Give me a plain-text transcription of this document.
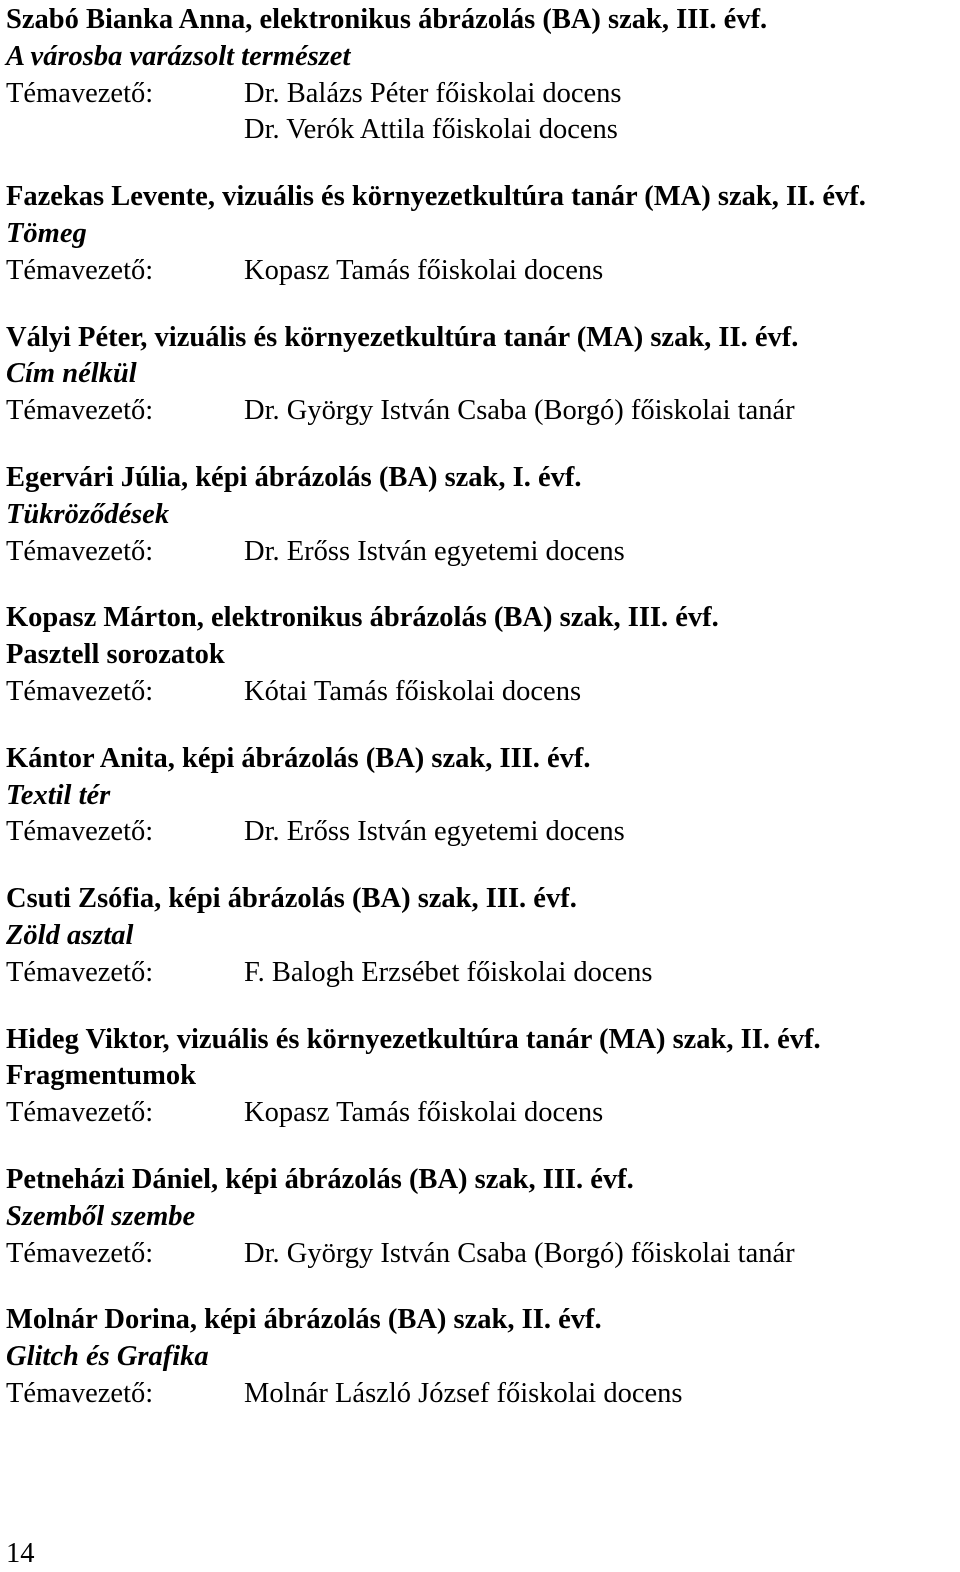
Szabó Bianka Anna, elektronikus ábrázolás (BA) szak, III. évf.
A városba varázsolt természet
Témavezető:	Dr. Balázs Péter főiskolai docens
Dr. Verók Attila főiskolai docens
Fazekas Levente, vizuális és környezetkultúra tanár (MA) szak, II. évf.
Tömeg
Témavezető:	Kopasz Tamás főiskolai docens
Vályi Péter, vizuális és környezetkultúra tanár (MA) szak, II. évf.
Cím nélkül
Témavezető:	Dr. György István Csaba (Borgó) főiskolai tanár
Egervári Júlia, képi ábrázolás (BA) szak, I. évf.
Tükröződések
Témavezető:	Dr. Erőss István egyetemi docens
Kopasz Márton, elektronikus ábrázolás (BA) szak, III. évf.
Pasztell sorozatok
Témavezető:	Kótai Tamás főiskolai docens
Kántor Anita, képi ábrázolás (BA) szak, III. évf.
Textil tér
Témavezető:	Dr. Erőss István egyetemi docens
Csuti Zsófia, képi ábrázolás (BA) szak, III. évf.
Zöld asztal
Témavezető:	F. Balogh Erzsébet főiskolai docens
Hideg Viktor, vizuális és környezetkultúra tanár (MA) szak, II. évf.
Fragmentumok
Témavezető:	Kopasz Tamás főiskolai docens
Petneházi Dániel, képi ábrázolás (BA) szak, III. évf.
Szemből szembe
Témavezető:	Dr. György István Csaba (Borgó) főiskolai tanár
Molnár Dorina, képi ábrázolás (BA) szak, II. évf.
Glitch és Grafika
Témavezető:	Molnár László József főiskolai docens
14
